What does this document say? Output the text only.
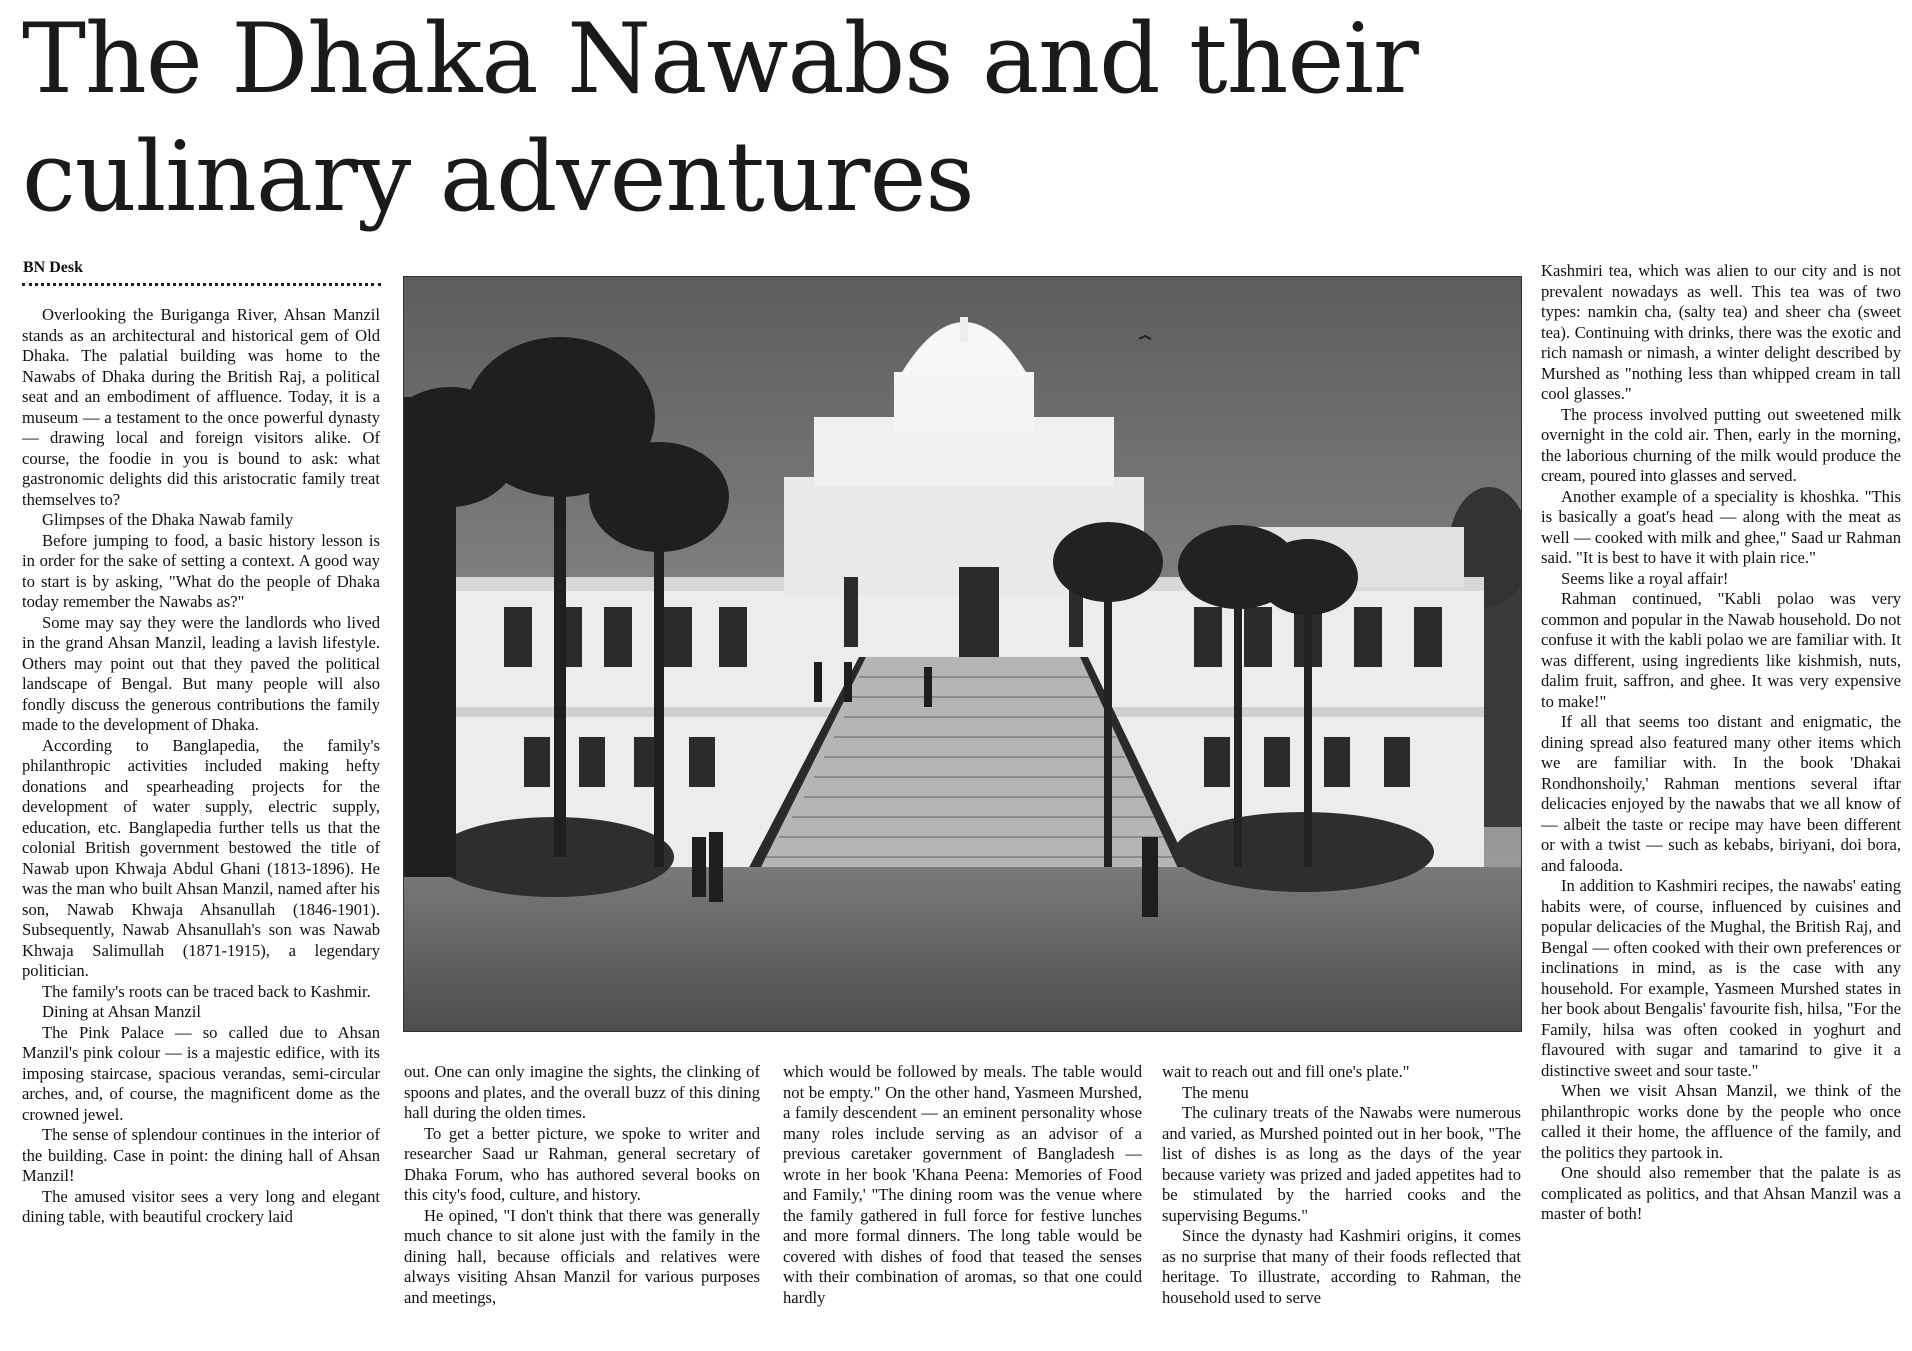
The Dhaka Nawabs and their culinary adventures
BN Desk

Overlooking the Buriganga River, Ahsan Manzil stands as an architectural and historical gem of Old Dhaka. The palatial building was home to the Nawabs of Dhaka during the British Raj, a political seat and an embodiment of affluence. Today, it is a museum — a testament to the once powerful dynasty — drawing local and foreign visitors alike. Of course, the foodie in you is bound to ask: what gastronomic delights did this aristocratic family treat themselves to?

Glimpses of the Dhaka Nawab family

Before jumping to food, a basic history lesson is in order for the sake of setting a context. A good way to start is by asking, "What do the people of Dhaka today remember the Nawabs as?"

Some may say they were the landlords who lived in the grand Ahsan Manzil, leading a lavish lifestyle. Others may point out that they paved the political landscape of Bengal. But many people will also fondly discuss the generous contributions the family made to the development of Dhaka.

According to Banglapedia, the family's philanthropic activities included making hefty donations and spearheading projects for the development of water supply, electric supply, education, etc. Banglapedia further tells us that the colonial British government bestowed the title of Nawab upon Khwaja Abdul Ghani (1813-1896). He was the man who built Ahsan Manzil, named after his son, Nawab Khwaja Ahsanullah (1846-1901). Subsequently, Nawab Ahsanullah's son was Nawab Khwaja Salimullah (1871-1915), a legendary politician.

The family's roots can be traced back to Kashmir.

Dining at Ahsan Manzil

The Pink Palace — so called due to Ahsan Manzil's pink colour — is a majestic edifice, with its imposing staircase, spacious verandas, semi-circular arches, and, of course, the magnificent dome as the crowned jewel.

The sense of splendour continues in the interior of the building. Case in point: the dining hall of Ahsan Manzil!

The amused visitor sees a very long and elegant dining table, with beautiful crockery laid

out. One can only imagine the sights, the clinking of spoons and plates, and the overall buzz of this dining hall during the olden times.

To get a better picture, we spoke to writer and researcher Saad ur Rahman, general secretary of Dhaka Forum, who has authored several books on this city's food, culture, and history.

He opined, "I don't think that there was generally much chance to sit alone just with the family in the dining hall, because officials and relatives were always visiting Ahsan Manzil for various purposes and meetings,

which would be followed by meals. The table would not be empty." On the other hand, Yasmeen Murshed, a family descendent — an eminent personality whose many roles include serving as an advisor of a previous caretaker government of Bangladesh — wrote in her book 'Khana Peena: Memories of Food and Family,' "The dining room was the venue where the family gathered in full force for festive lunches and more formal dinners. The long table would be covered with dishes of food that teased the senses with their combination of aromas, so that one could hardly

wait to reach out and fill one's plate."

The menu

The culinary treats of the Nawabs were numerous and varied, as Murshed pointed out in her book, "The list of dishes is as long as the days of the year because variety was prized and jaded appetites had to be stimulated by the harried cooks and the supervising Begums."

Since the dynasty had Kashmiri origins, it comes as no surprise that many of their foods reflected that heritage. To illustrate, according to Rahman, the household used to serve

Kashmiri tea, which was alien to our city and is not prevalent nowadays as well. This tea was of two types: namkin cha, (salty tea) and sheer cha (sweet tea). Continuing with drinks, there was the exotic and rich namash or nimash, a winter delight described by Murshed as "nothing less than whipped cream in tall cool glasses."

The process involved putting out sweetened milk overnight in the cold air. Then, early in the morning, the laborious churning of the milk would produce the cream, poured into glasses and served.

Another example of a speciality is khoshka. "This is basically a goat's head — along with the meat as well — cooked with milk and ghee," Saad ur Rahman said. "It is best to have it with plain rice."

Seems like a royal affair!

Rahman continued, "Kabli polao was very common and popular in the Nawab household. Do not confuse it with the kabli polao we are familiar with. It was different, using ingredients like kishmish, nuts, dalim fruit, saffron, and ghee. It was very expensive to make!"

If all that seems too distant and enigmatic, the dining spread also featured many other items which we are familiar with. In the book 'Dhakai Rondhonshoily,' Rahman mentions several iftar delicacies enjoyed by the nawabs that we all know of — albeit the taste or recipe may have been different or with a twist — such as kebabs, biriyani, doi bora, and falooda.

In addition to Kashmiri recipes, the nawabs' eating habits were, of course, influenced by cuisines and popular delicacies of the Mughal, the British Raj, and Bengal — often cooked with their own preferences or inclinations in mind, as is the case with any household. For example, Yasmeen Murshed states in her book about Bengalis' favourite fish, hilsa, "For the Family, hilsa was often cooked in yoghurt and flavoured with sugar and tamarind to give it a distinctive sweet and sour taste."

When we visit Ahsan Manzil, we think of the philanthropic works done by the people who once called it their home, the affluence of the family, and the politics they partook in.

One should also remember that the palate is as complicated as politics, and that Ahsan Manzil was a master of both!
